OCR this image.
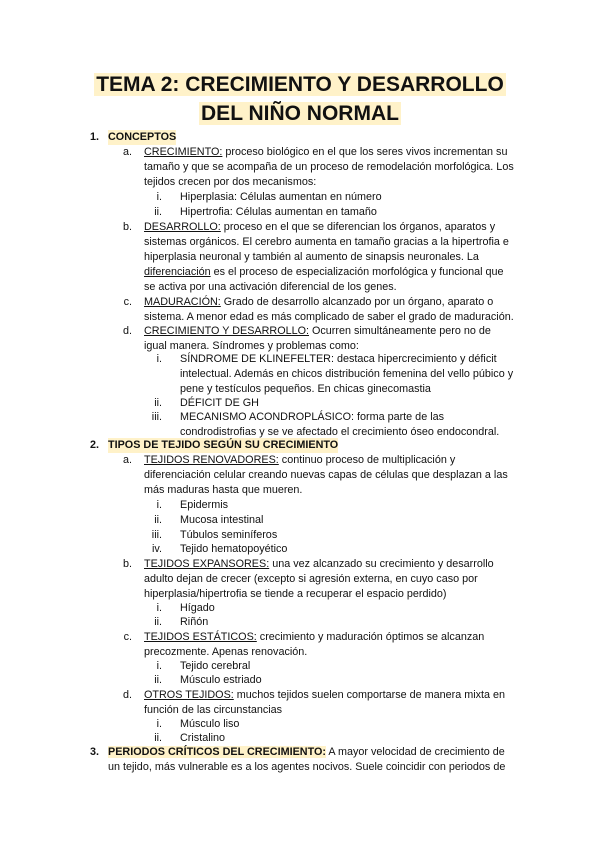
TEMA 2: CRECIMIENTO Y DESARROLLO
DEL NIÑO NORMAL
1. CONCEPTOS
a. CRECIMIENTO: proceso biológico en el que los seres vivos incrementan su
tamaño y que se acompaña de un proceso de remodelación morfológica. Los
tejidos crecen por dos mecanismos:
i. Hiperplasia: Células aumentan en número
ii. Hipertrofia: Células aumentan en tamaño
b. DESARROLLO: proceso en el que se diferencian los órganos, aparatos y
sistemas orgánicos. El cerebro aumenta en tamaño gracias a la hipertrofia e
hiperplasia neuronal y también al aumento de sinapsis neuronales. La
diferenciación es el proceso de especialización morfológica y funcional que
se activa por una activación diferencial de los genes.
c. MADURACIÓN: Grado de desarrollo alcanzado por un órgano, aparato o
sistema. A menor edad es más complicado de saber el grado de maduración.
d. CRECIMIENTO Y DESARROLLO: Ocurren simultáneamente pero no de
igual manera. Síndromes y problemas como:
i. SÍNDROME DE KLINEFELTER: destaca hipercrecimiento y déficit
intelectual. Además en chicos distribución femenina del vello púbico y
pene y testículos pequeños. En chicas ginecomastia
ii. DÉFICIT DE GH
iii. MECANISMO ACONDROPLÁSICO: forma parte de las
condrodistrofias y se ve afectado el crecimiento óseo endocondral.
2. TIPOS DE TEJIDO SEGÚN SU CRECIMIENTO
a. TEJIDOS RENOVADORES: continuo proceso de multiplicación y
diferenciación celular creando nuevas capas de células que desplazan a las
más maduras hasta que mueren.
i. Epidermis
ii. Mucosa intestinal
iii. Túbulos seminíferos
iv. Tejido hematopoyético
b. TEJIDOS EXPANSORES: una vez alcanzado su crecimiento y desarrollo
adulto dejan de crecer (excepto si agresión externa, en cuyo caso por
hiperplasia/hipertrofia se tiende a recuperar el espacio perdido)
i. Hígado
ii. Riñón
c. TEJIDOS ESTÁTICOS: crecimiento y maduración óptimos se alcanzan
precozmente. Apenas renovación.
i. Tejido cerebral
ii. Músculo estriado
d. OTROS TEJIDOS: muchos tejidos suelen comportarse de manera mixta en
función de las circunstancias
i. Músculo liso
ii. Cristalino
3. PERIODOS CRÍTICOS DEL CRECIMIENTO: A mayor velocidad de crecimiento de
un tejido, más vulnerable es a los agentes nocivos. Suele coincidir con periodos de
